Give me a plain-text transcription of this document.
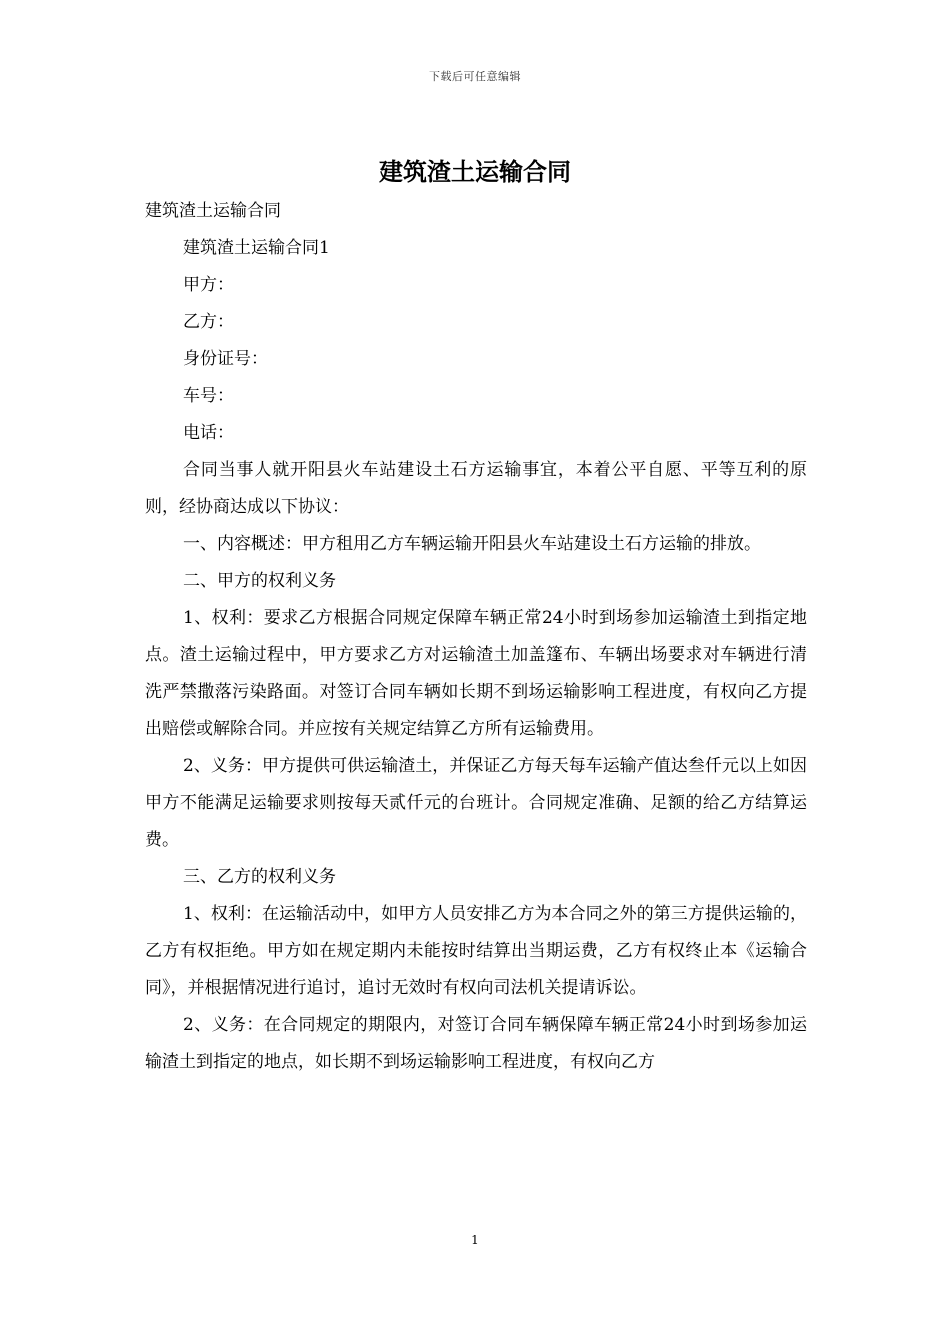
下载后可任意编辑
建筑渣土运输合同

建筑渣土运输合同

建筑渣土运输合同1

甲方：

乙方：

身份证号：

车号：

电话：

合同当事人就开阳县火车站建设土石方运输事宜，本着公平自愿、平等互利的原则，经协商达成以下协议：

一、内容概述：甲方租用乙方车辆运输开阳县火车站建设土石方运输的排放。

二、甲方的权利义务

1、权利：要求乙方根据合同规定保障车辆正常24小时到场参加运输渣土到指定地点。渣土运输过程中，甲方要求乙方对运输渣土加盖篷布、车辆出场要求对车辆进行清洗严禁撒落污染路面。对签订合同车辆如长期不到场运输影响工程进度，有权向乙方提出赔偿或解除合同。并应按有关规定结算乙方所有运输费用。

2、义务：甲方提供可供运输渣土，并保证乙方每天每车运输产值达叁仟元以上如因甲方不能满足运输要求则按每天贰仟元的台班计。合同规定准确、足额的给乙方结算运费。

三、乙方的权利义务

1、权利：在运输活动中，如甲方人员安排乙方为本合同之外的第三方提供运输的，乙方有权拒绝。甲方如在规定期内未能按时结算出当期运费，乙方有权终止本《运输合同》，并根据情况进行追讨，追讨无效时有权向司法机关提请诉讼。

2、义务：在合同规定的期限内，对签订合同车辆保障车辆正常24小时到场参加运输渣土到指定的地点，如长期不到场运输影响工程进度，有权向乙方

1
